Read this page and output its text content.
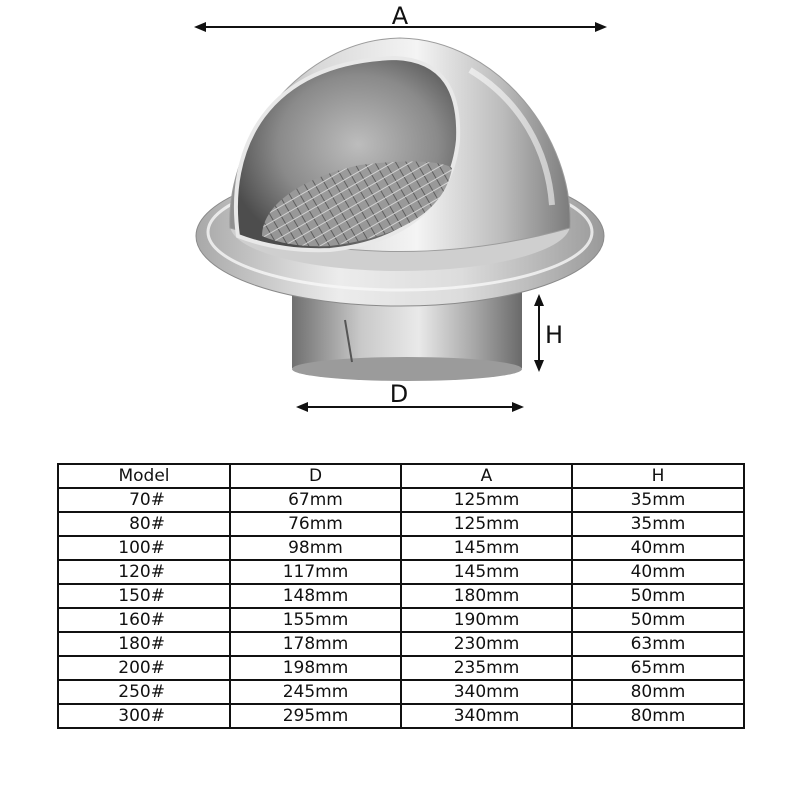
A
H
D
Model	D	A	H
70#	67mm	125mm	35mm
80#	76mm	125mm	35mm
100#	98mm	145mm	40mm
120#	117mm	145mm	40mm
150#	148mm	180mm	50mm
160#	155mm	190mm	50mm
180#	178mm	230mm	63mm
200#	198mm	235mm	65mm
250#	245mm	340mm	80mm
300#	295mm	340mm	80mm
